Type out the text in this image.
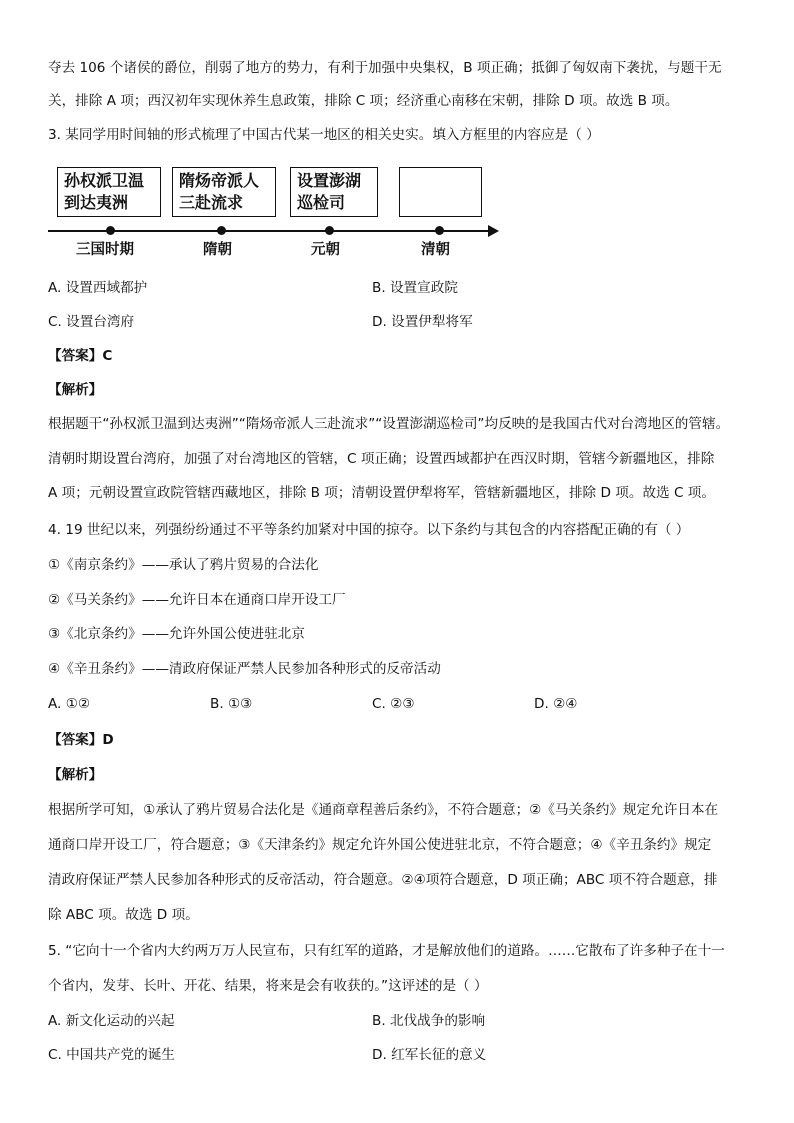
夺去 106 个诸侯的爵位，削弱了地方的势力，有利于加强中央集权，B 项正确；抵御了匈奴南下袭扰，与题干无
关，排除 A 项；西汉初年实现休养生息政策，排除 C 项；经济重心南移在宋朝，排除 D 项。故选 B 项。
3. 某同学用时间轴的形式梳理了中国古代某一地区的相关史实。填入方框里的内容应是（ ）
孙权派卫温
到达夷洲
隋炀帝派人
三赴流求
设置澎湖
巡检司
三国时期	隋朝	元朝	清朝
A. 设置西域都护	B. 设置宣政院
C. 设置台湾府	D. 设置伊犁将军
【答案】C
【解析】
根据题干“孙权派卫温到达夷洲”“隋炀帝派人三赴流求”“设置澎湖巡检司”均反映的是我国古代对台湾地区的管辖。
清朝时期设置台湾府，加强了对台湾地区的管辖，C 项正确；设置西域都护在西汉时期，管辖今新疆地区，排除
A 项；元朝设置宣政院管辖西藏地区，排除 B 项；清朝设置伊犁将军，管辖新疆地区，排除 D 项。故选 C 项。
4. 19 世纪以来，列强纷纷通过不平等条约加紧对中国的掠夺。以下条约与其包含的内容搭配正确的有（ ）
①《南京条约》——承认了鸦片贸易的合法化
②《马关条约》——允许日本在通商口岸开设工厂
③《北京条约》——允许外国公使进驻北京
④《辛丑条约》——清政府保证严禁人民参加各种形式的反帝活动
A. ①②	B. ①③	C. ②③	D. ②④
【答案】D
【解析】
根据所学可知，①承认了鸦片贸易合法化是《通商章程善后条约》，不符合题意；②《马关条约》规定允许日本在
通商口岸开设工厂，符合题意；③《天津条约》规定允许外国公使进驻北京，不符合题意；④《辛丑条约》规定
清政府保证严禁人民参加各种形式的反帝活动，符合题意。②④项符合题意，D 项正确；ABC 项不符合题意，排
除 ABC 项。故选 D 项。
5. “它向十一个省内大约两万万人民宣布，只有红军的道路，才是解放他们的道路。……它散布了许多种子在十一
个省内，发芽、长叶、开花、结果，将来是会有收获的。”这评述的是（ ）
A. 新文化运动的兴起	B. 北伐战争的影响
C. 中国共产党的诞生	D. 红军长征的意义
